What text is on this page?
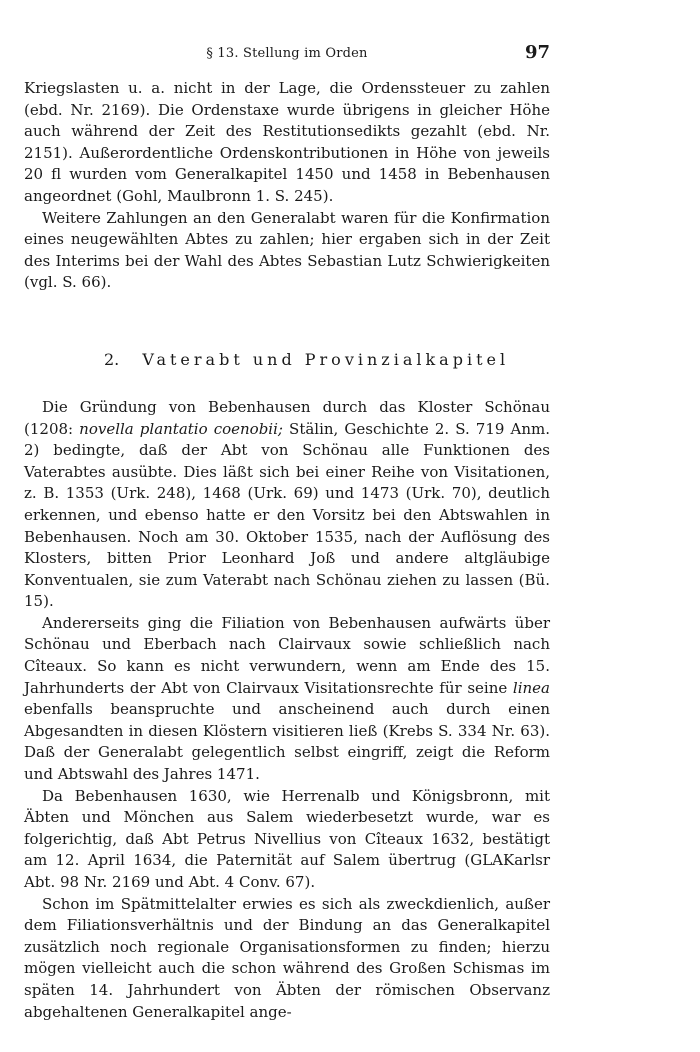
§ 13. Stellung im Orden	97

Kriegslasten u. a. nicht in der Lage, die Ordenssteuer zu zahlen (ebd. Nr. 2169). Die Ordenstaxe wurde übrigens in gleicher Höhe auch während der Zeit des Restitutionsedikts gezahlt (ebd. Nr. 2151). Außerordentliche Ordenskontributionen in Höhe von jeweils 20 fl wurden vom Generalkapitel 1450 und 1458 in Bebenhausen angeordnet (Gohl, Maulbronn 1. S. 245).

Weitere Zahlungen an den Generalabt waren für die Konfirmation eines neugewählten Abtes zu zahlen; hier ergaben sich in der Zeit des Interims bei der Wahl des Abtes Sebastian Lutz Schwierigkeiten (vgl. S. 66).

2. Vaterabt und Provinzialkapitel

Die Gründung von Bebenhausen durch das Kloster Schönau (1208: novella plantatio coenobii; Stälin, Geschichte 2. S. 719 Anm. 2) bedingte, daß der Abt von Schönau alle Funktionen des Vaterabtes ausübte. Dies läßt sich bei einer Reihe von Visitationen, z. B. 1353 (Urk. 248), 1468 (Urk. 69) und 1473 (Urk. 70), deutlich erkennen, und ebenso hatte er den Vorsitz bei den Abtswahlen in Bebenhausen. Noch am 30. Oktober 1535, nach der Auflösung des Klosters, bitten Prior Leonhard Joß und andere altgläubige Konventualen, sie zum Vaterabt nach Schönau ziehen zu lassen (Bü. 15).

Andererseits ging die Filiation von Bebenhausen aufwärts über Schönau und Eberbach nach Clairvaux sowie schließlich nach Cîteaux. So kann es nicht verwundern, wenn am Ende des 15. Jahrhunderts der Abt von Clairvaux Visitationsrechte für seine linea ebenfalls beanspruchte und anscheinend auch durch einen Abgesandten in diesen Klöstern visitieren ließ (Krebs S. 334 Nr. 63). Daß der Generalabt gelegentlich selbst eingriff, zeigt die Reform und Abtswahl des Jahres 1471.

Da Bebenhausen 1630, wie Herrenalb und Königsbronn, mit Äbten und Mönchen aus Salem wiederbesetzt wurde, war es folgerichtig, daß Abt Petrus Nivellius von Cîteaux 1632, bestätigt am 12. April 1634, die Paternität auf Salem übertrug (GLAKarlsr Abt. 98 Nr. 2169 und Abt. 4 Conv. 67).

Schon im Spätmittelalter erwies es sich als zweckdienlich, außer dem Filiationsverhältnis und der Bindung an das Generalkapitel zusätzlich noch regionale Organisationsformen zu finden; hierzu mögen vielleicht auch die schon während des Großen Schismas im späten 14. Jahrhundert von Äbten der römischen Observanz abgehaltenen Generalkapitel ange-
